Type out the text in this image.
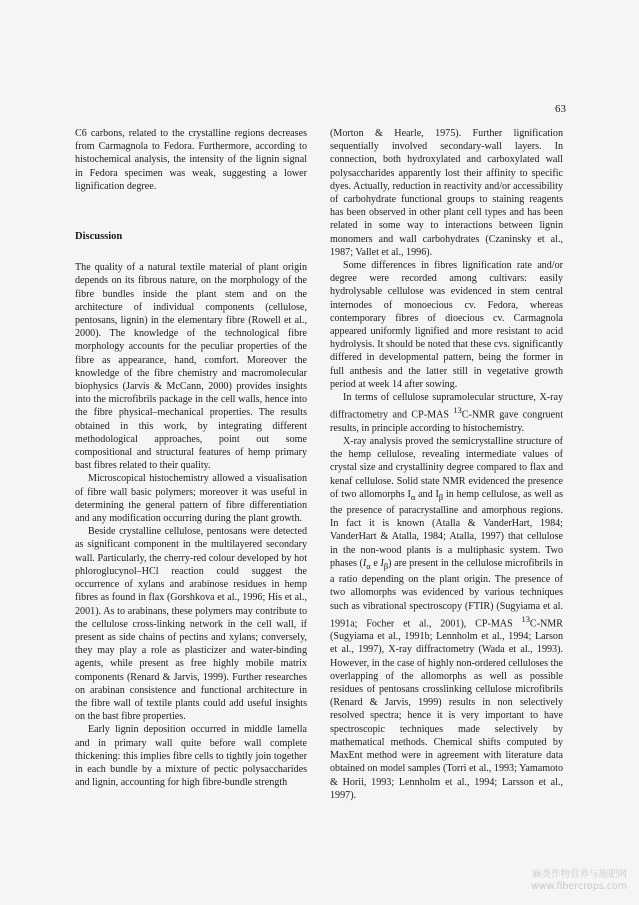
63

C6 carbons, related to the crystalline regions decreases from Carmagnola to Fedora. Furthermore, according to histochemical analysis, the intensity of the lignin signal in Fedora specimen was weak, suggesting a lower lignification degree.

Discussion

The quality of a natural textile material of plant origin depends on its fibrous nature, on the morphology of the fibre bundles inside the plant stem and on the architecture of individual components (cellulose, pentosans, lignin) in the elementary fibre (Rowell et al., 2000). The knowledge of the technological fibre morphology accounts for the peculiar properties of the fibre as appearance, hand, comfort. Moreover the knowledge of the fibre chemistry and macromolecular biophysics (Jarvis & McCann, 2000) provides insights into the microfibrils package in the cell walls, hence into the fibre physical–mechanical properties. The results obtained in this work, by integrating different methodological approaches, point out some compositional and structural features of hemp primary bast fibres related to their quality.

Microscopical histochemistry allowed a visualisation of fibre wall basic polymers; moreover it was useful in determining the general pattern of fibre differentiation and any modification occurring during the plant growth.

Beside crystalline cellulose, pentosans were detected as significant component in the multilayered secondary wall. Particularly, the cherry-red colour developed by hot phloroglucynol–HCl reaction could suggest the occurrence of xylans and arabinose residues in hemp fibres as found in flax (Gorshkova et al., 1996; His et al., 2001). As to arabinans, these polymers may contribute to the cellulose cross-linking network in the cell wall, if present as side chains of pectins and xylans; conversely, they may play a role as plasticizer and water-binding agents, while present as free highly mobile matrix components (Renard & Jarvis, 1999). Further researches on arabinan consistence and functional architecture in the fibre wall of textile plants could add useful insights on the bast fibre properties.

Early lignin deposition occurred in middle lamella and in primary wall quite before wall complete thickening: this implies fibre cells to tightly join together in each bundle by a mixture of pectic polysaccharides and lignin, accounting for high fibre-bundle strength

(Morton & Hearle, 1975). Further lignification sequentially involved secondary-wall layers. In connection, both hydroxylated and carboxylated wall polysaccharides apparently lost their affinity to specific dyes. Actually, reduction in reactivity and/or accessibility of carbohydrate functional groups to staining reagents has been observed in other plant cell types and has been related in some way to interactions between lignin monomers and wall carbohydrates (Czaninsky et al., 1987; Vallet et al., 1996).

Some differences in fibres lignification rate and/or degree were recorded among cultivars: easily hydrolysable cellulose was evidenced in stem central internodes of monoecious cv. Fedora, whereas contemporary fibres of dioecious cv. Carmagnola appeared uniformly lignified and more resistant to acid hydrolysis. It should be noted that these cvs. significantly differed in developmental pattern, being the former in full anthesis and the latter still in vegetative growth period at week 14 after sowing.

In terms of cellulose supramolecular structure, X-ray diffractometry and CP-MAS $^{13}$C-NMR gave congruent results, in principle according to histochemistry.

X-ray analysis proved the semicrystalline structure of the hemp cellulose, revealing intermediate values of crystal size and crystallinity degree compared to flax and kenaf cellulose. Solid state NMR evidenced the presence of two allomorphs $I_\alpha$ and $I_\beta$ in hemp cellulose, as well as the presence of paracrystalline and amorphous regions. In fact it is known (Atalla & VanderHart, 1984; VanderHart & Atalla, 1984; Atalla, 1997) that cellulose in the non-wood plants is a multiphasic system. Two phases ($I_\alpha$ e $I_\beta$) are present in the cellulose microfibrils in a ratio depending on the plant origin. The presence of two allomorphs was evidenced by various techniques such as vibrational spectroscopy (FTIR) (Sugyiama et al. 1991a; Focher et al., 2001), CP-MAS $^{13}$C-NMR (Sugyiama et al., 1991b; Lennholm et al., 1994; Larson et al., 1997), X-ray diffractometry (Wada et al., 1993). However, in the case of highly non-ordered celluloses the overlapping of the allomorphs as well as possible residues of pentosans crosslinking cellulose microfibrils (Renard & Jarvis, 1999) results in non selectively resolved spectra; hence it is very important to have spectroscopic techniques made selectively by mathematical methods. Chemical shifts computed by MaxEnt method were in agreement with literature data obtained on model samples (Torri et al., 1993; Yamamoto & Horii, 1993; Lennholm et al., 1994; Larsson et al., 1997).

麻类作物营养与施肥网
www.fibercrops.com
